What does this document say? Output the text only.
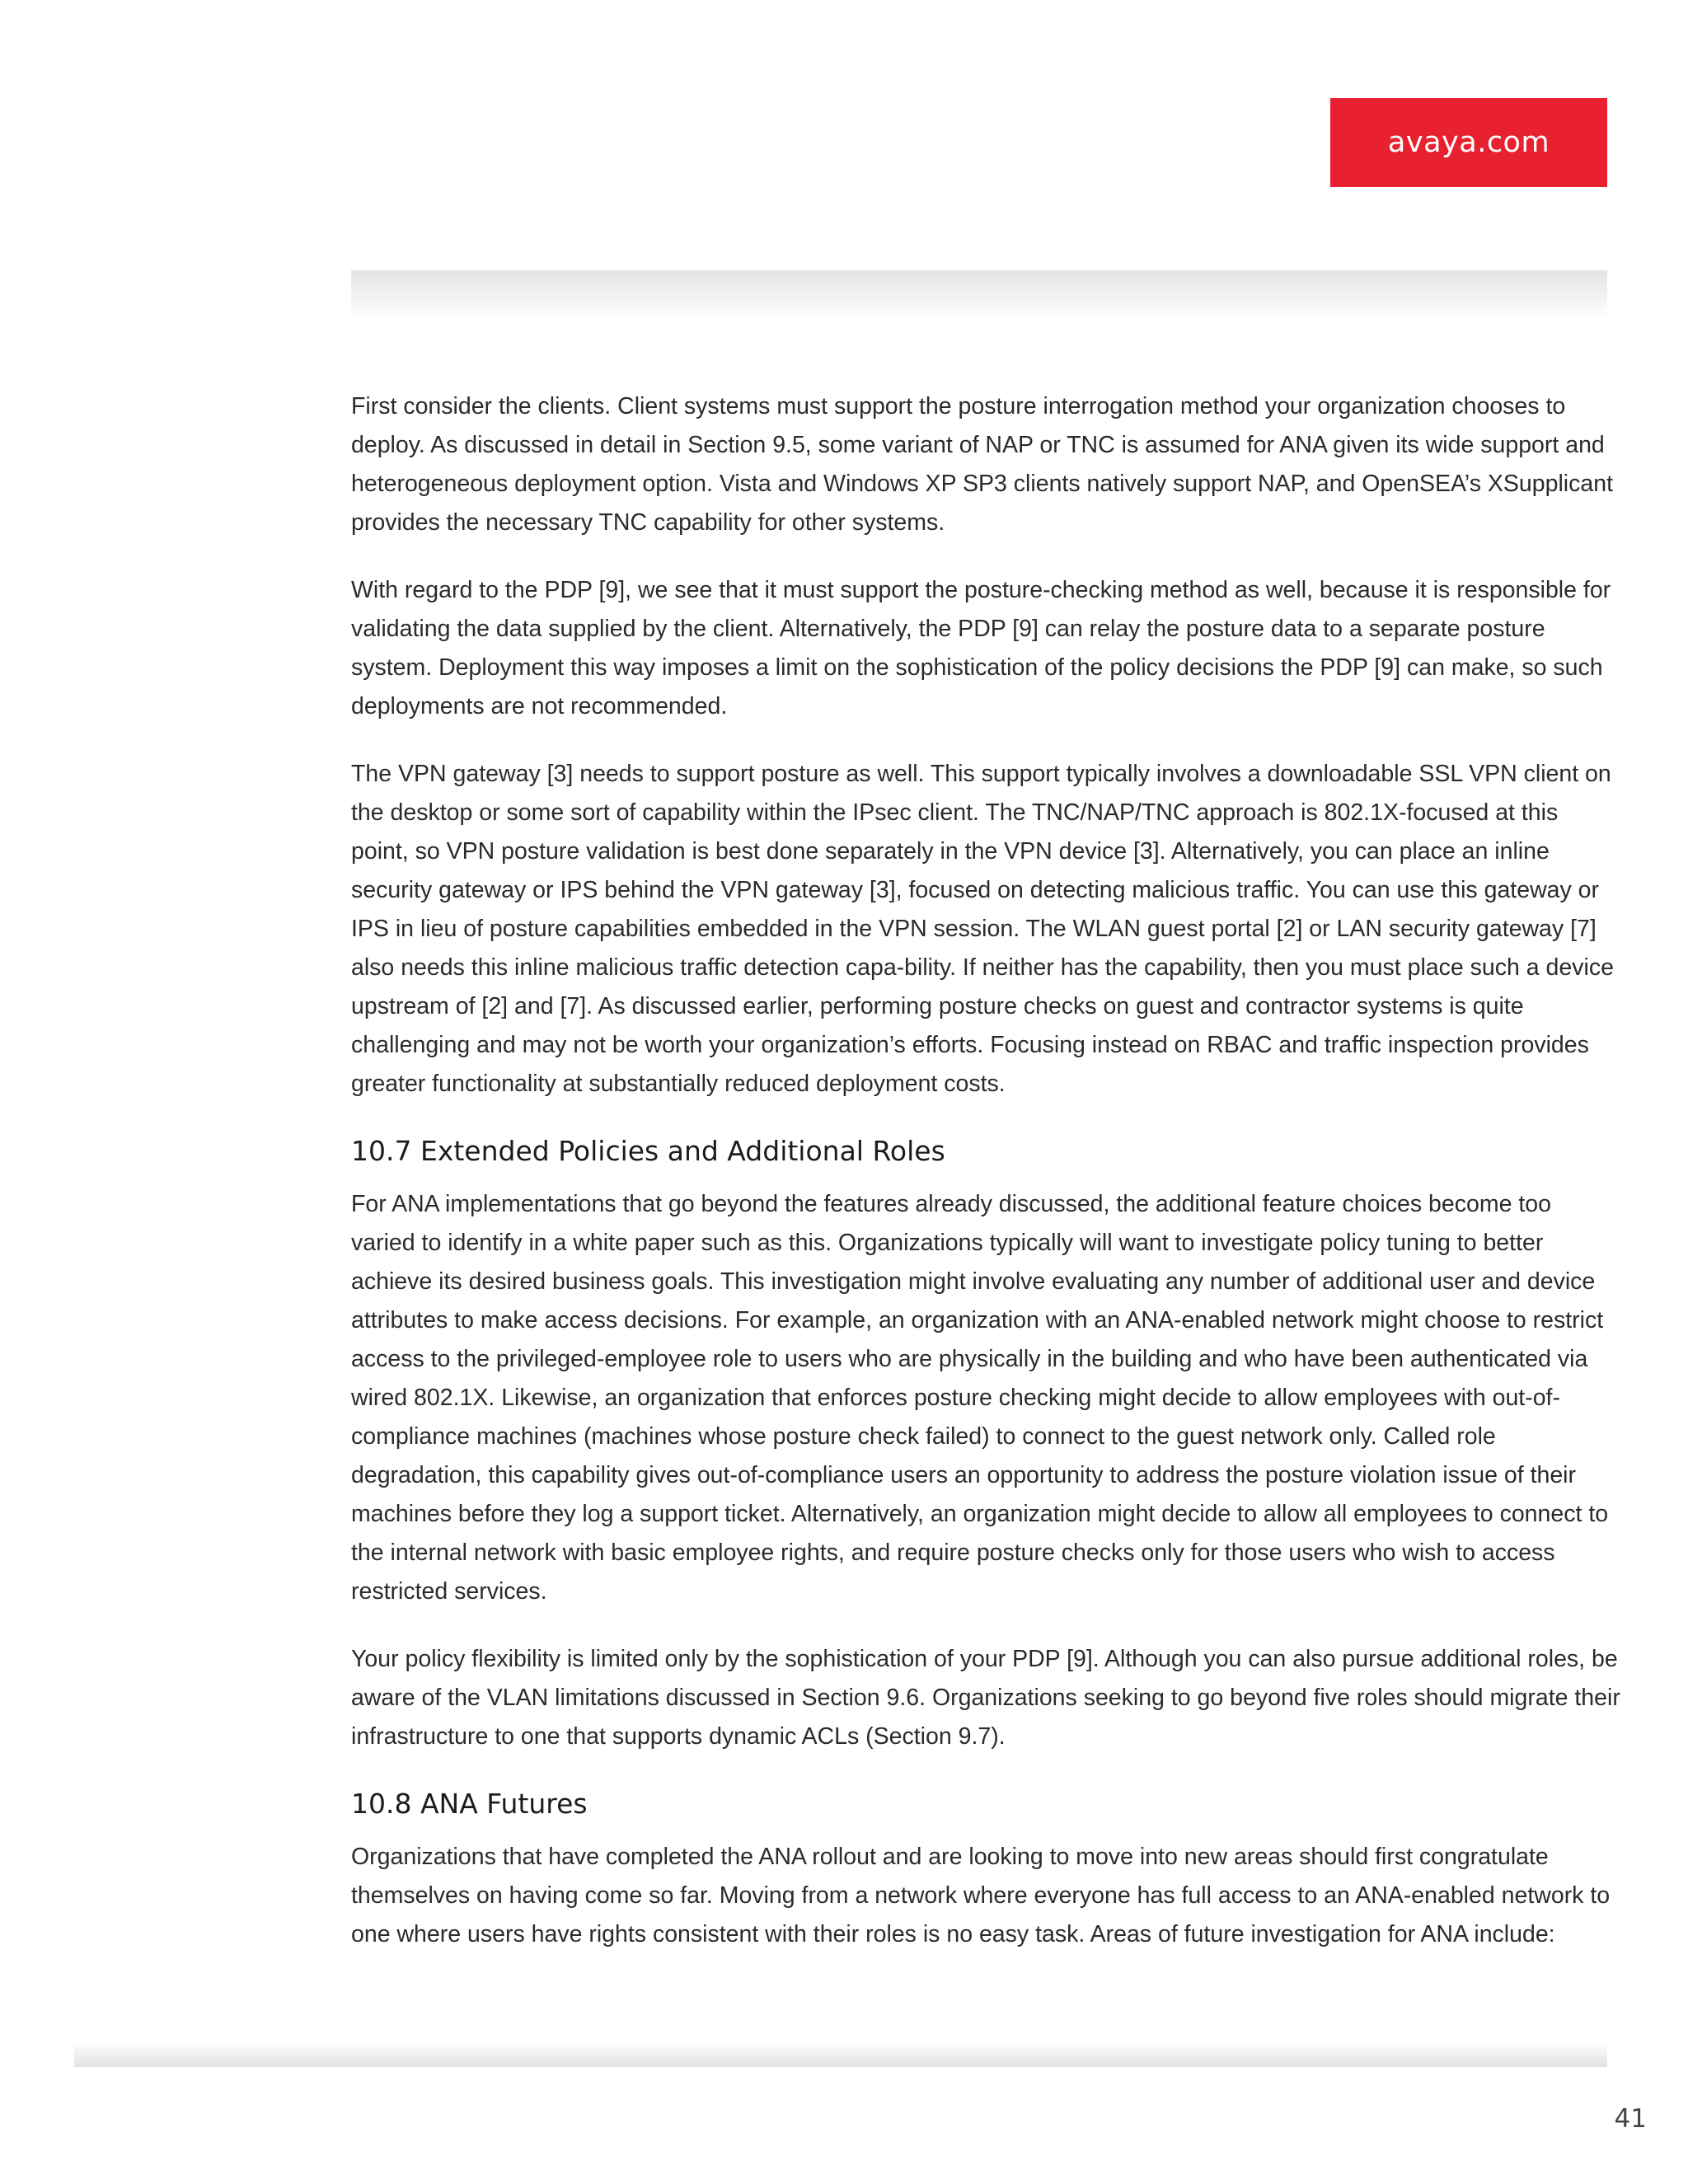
avaya.com

First consider the clients. Client systems must support the posture interrogation method your organization chooses to deploy. As discussed in detail in Section 9.5, some variant of NAP or TNC is assumed for ANA given its wide support and heterogeneous deployment option. Vista and Windows XP SP3 clients natively support NAP, and OpenSEA’s XSupplicant provides the necessary TNC capability for other systems.

With regard to the PDP [9], we see that it must support the posture-checking method as well, because it is responsible for validating the data supplied by the client. Alternatively, the PDP [9] can relay the posture data to a separate posture system. Deployment this way imposes a limit on the sophistication of the policy decisions the PDP [9] can make, so such deployments are not recommended.

The VPN gateway [3] needs to support posture as well. This support typically involves a downloadable SSL VPN client on the desktop or some sort of capability within the IPsec client. The TNC/NAP/TNC approach is 802.1X-focused at this point, so VPN posture validation is best done separately in the VPN device [3]. Alternatively, you can place an inline security gateway or IPS behind the VPN gateway [3], focused on detecting malicious traffic. You can use this gateway or IPS in lieu of posture capabilities embedded in the VPN session. The WLAN guest portal [2] or LAN security gateway [7] also needs this inline malicious traffic detection capa-bility. If neither has the capability, then you must place such a device upstream of [2] and [7]. As discussed earlier, performing posture checks on guest and contractor systems is quite challenging and may not be worth your organization’s efforts. Focusing instead on RBAC and traffic inspection provides greater functionality at substantially reduced deployment costs.

10.7 Extended Policies and Additional Roles

For ANA implementations that go beyond the features already discussed, the additional feature choices become too varied to identify in a white paper such as this. Organizations typically will want to investigate policy tuning to better achieve its desired business goals. This investigation might involve evaluating any number of additional user and device attributes to make access decisions. For example, an organization with an ANA-enabled network might choose to restrict access to the privileged-employee role to users who are physically in the building and who have been authenticated via wired 802.1X. Likewise, an organization that enforces posture checking might decide to allow employees with out-of-compliance machines (machines whose posture check failed) to connect to the guest network only. Called role degradation, this capability gives out-of-compliance users an opportunity to address the posture violation issue of their machines before they log a support ticket. Alternatively, an organization might decide to allow all employees to connect to the internal network with basic employee rights, and require posture checks only for those users who wish to access restricted services.

Your policy flexibility is limited only by the sophistication of your PDP [9]. Although you can also pursue additional roles, be aware of the VLAN limitations discussed in Section 9.6. Organizations seeking to go beyond five roles should migrate their infrastructure to one that supports dynamic ACLs (Section 9.7).

10.8 ANA Futures

Organizations that have completed the ANA rollout and are looking to move into new areas should first congratulate themselves on having come so far. Moving from a network where everyone has full access to an ANA-enabled network to one where users have rights consistent with their roles is no easy task. Areas of future investigation for ANA include:

41
